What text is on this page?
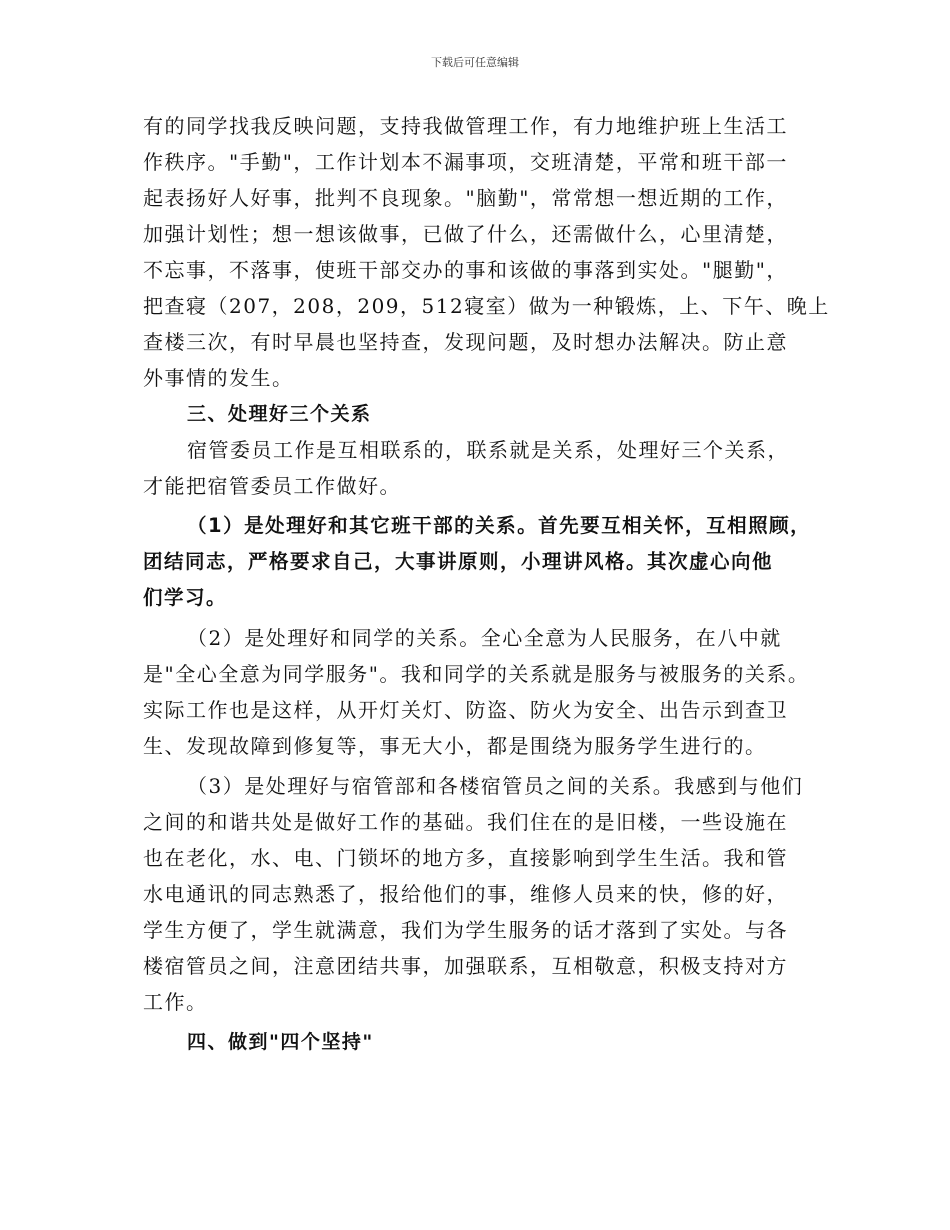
下载后可任意编辑
有的同学找我反映问题，支持我做管理工作，有力地维护班上生活工
作秩序。"手勤"，工作计划本不漏事项，交班清楚，平常和班干部一
起表扬好人好事，批判不良现象。"脑勤"，常常想一想近期的工作，
加强计划性；想一想该做事，已做了什么，还需做什么，心里清楚，
不忘事，不落事，使班干部交办的事和该做的事落到实处。"腿勤"，
把查寝（207，208，209，512寝室）做为一种锻炼，上、下午、晚上
查楼三次，有时早晨也坚持查，发现问题，及时想办法解决。防止意
外事情的发生。
三、处理好三个关系
宿管委员工作是互相联系的，联系就是关系，处理好三个关系，
才能把宿管委员工作做好。
（1）是处理好和其它班干部的关系。首先要互相关怀，互相照顾，
团结同志，严格要求自己，大事讲原则，小理讲风格。其次虚心向他
们学习。
（2）是处理好和同学的关系。全心全意为人民服务，在八中就
是"全心全意为同学服务"。我和同学的关系就是服务与被服务的关系。
实际工作也是这样，从开灯关灯、防盗、防火为安全、出告示到查卫
生、发现故障到修复等，事无大小，都是围绕为服务学生进行的。
（3）是处理好与宿管部和各楼宿管员之间的关系。我感到与他们
之间的和谐共处是做好工作的基础。我们住在的是旧楼，一些设施在
也在老化，水、电、门锁坏的地方多，直接影响到学生生活。我和管
水电通讯的同志熟悉了，报给他们的事，维修人员来的快，修的好，
学生方便了，学生就满意，我们为学生服务的话才落到了实处。与各
楼宿管员之间，注意团结共事，加强联系，互相敬意，积极支持对方
工作。
四、做到"四个坚持"
